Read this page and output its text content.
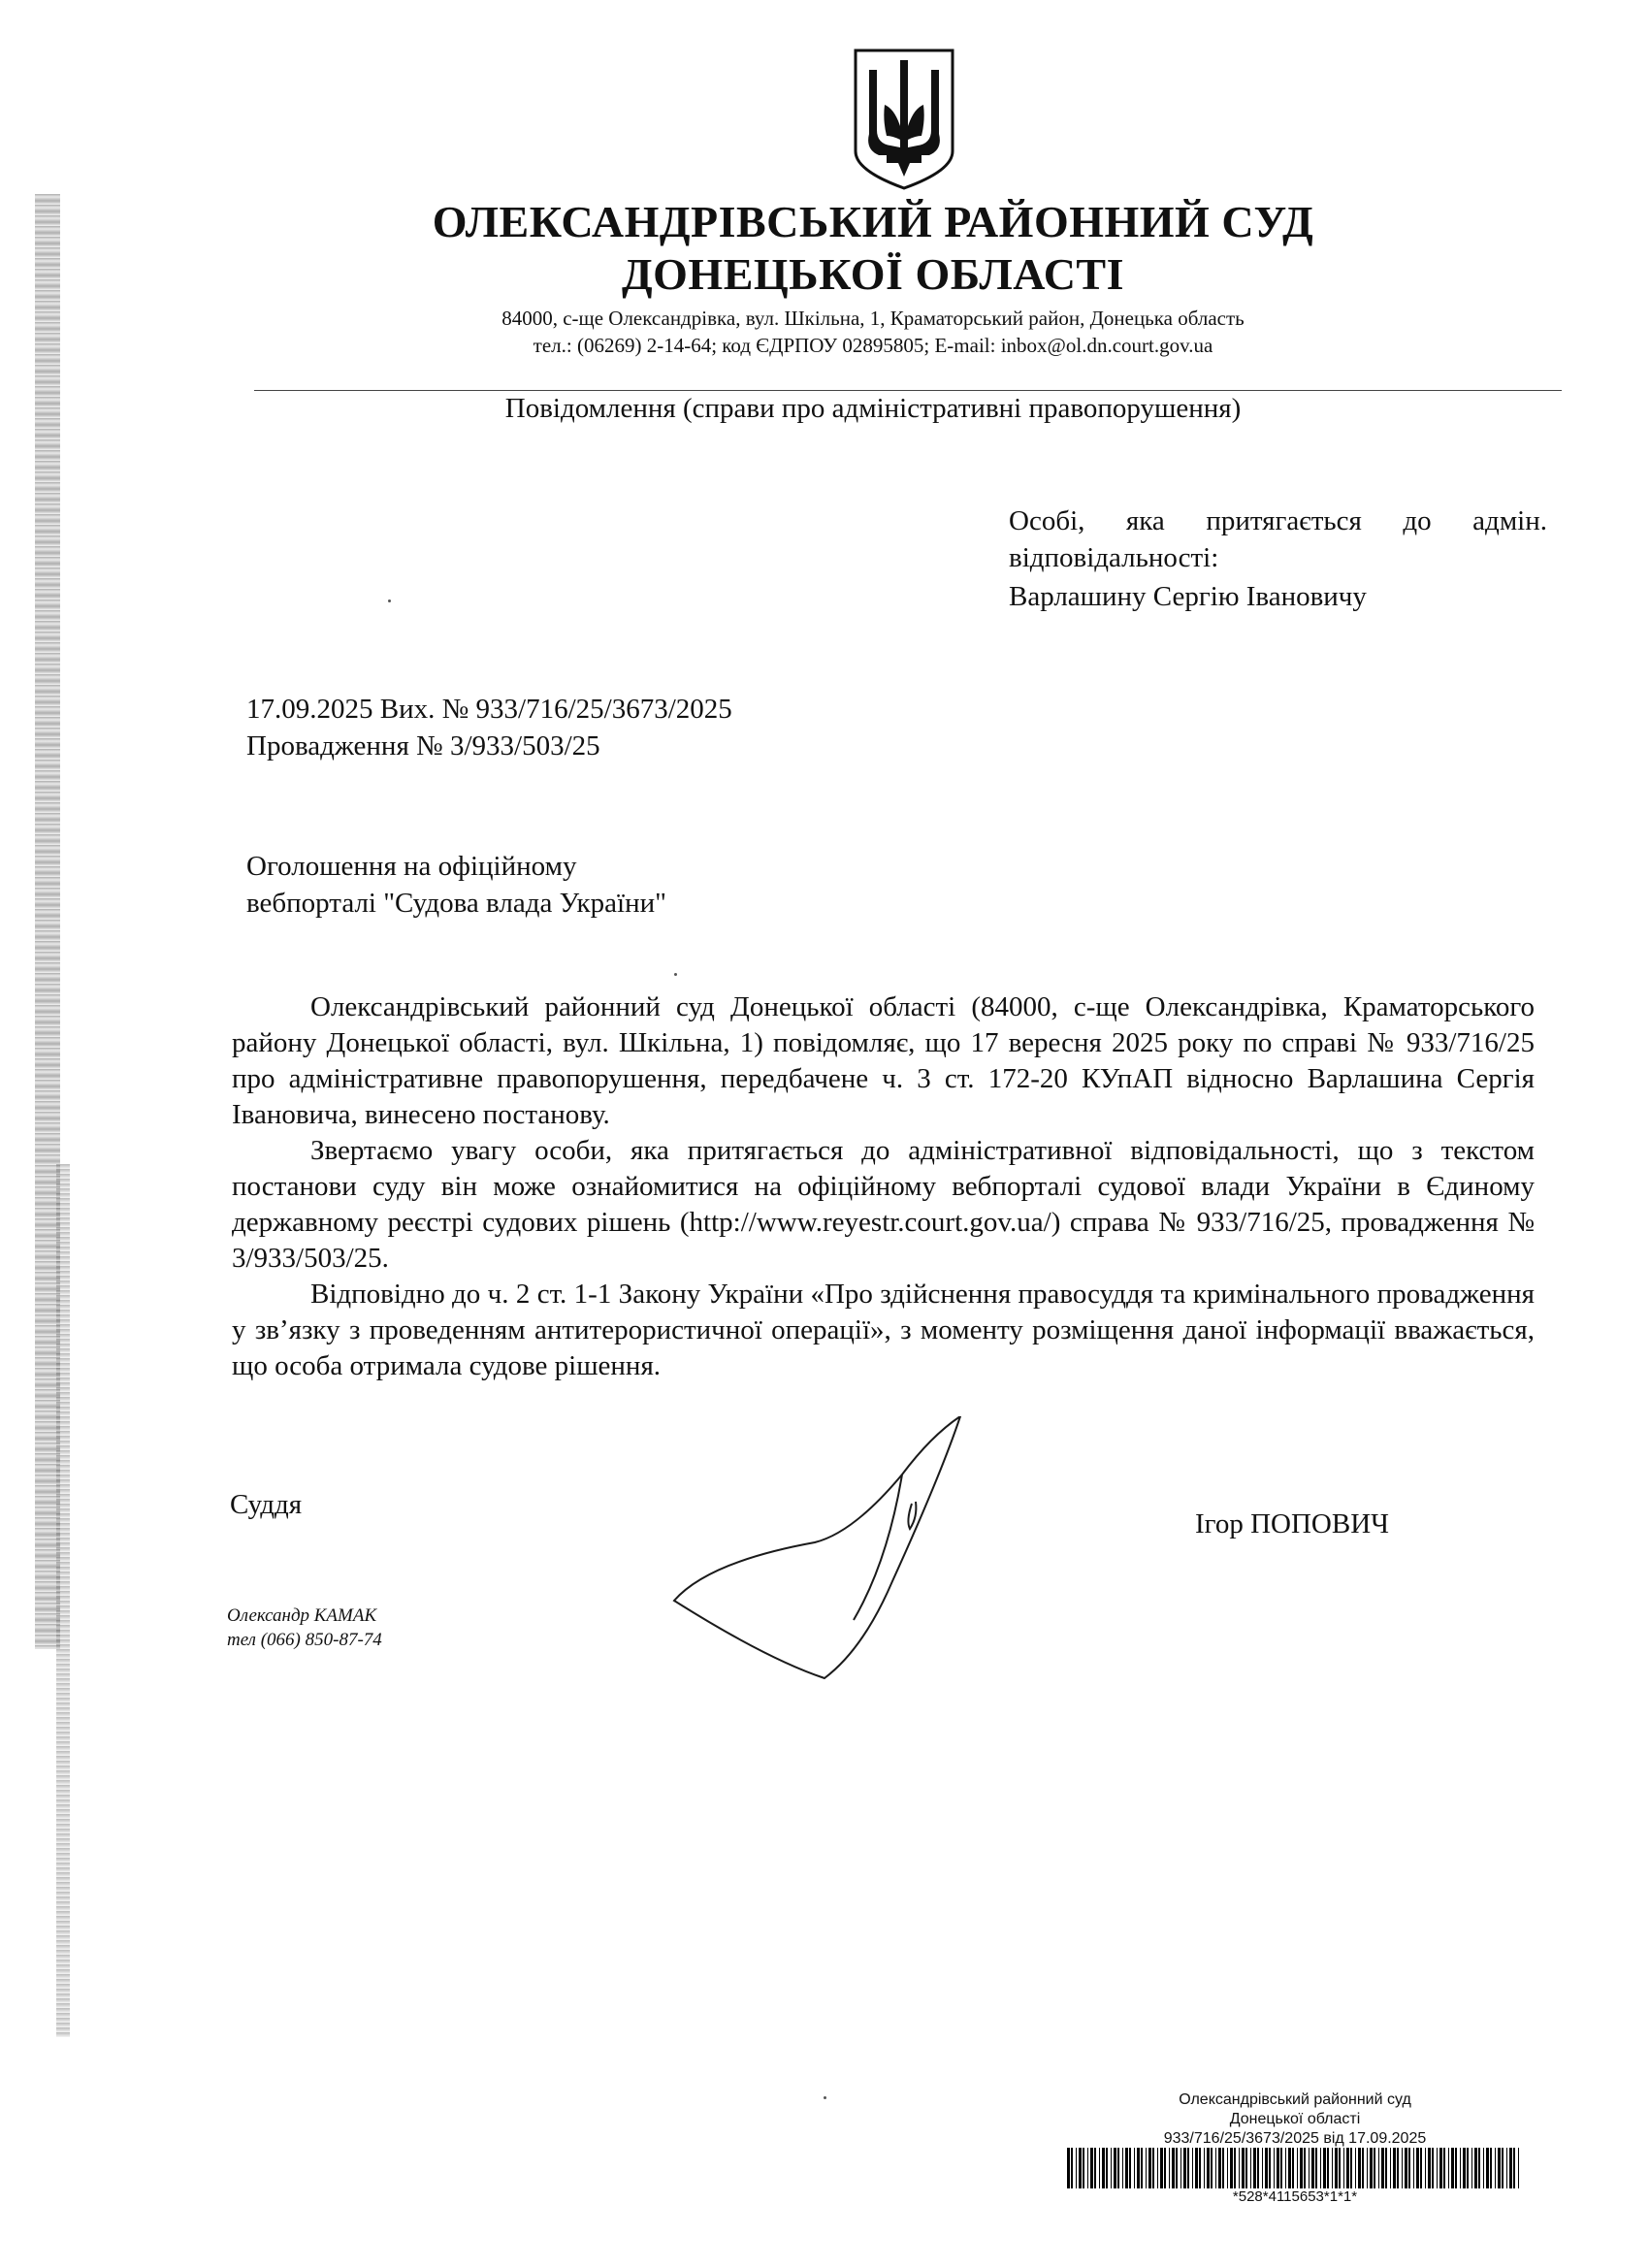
ОЛЕКСАНДРІВСЬКИЙ РАЙОННИЙ СУД
ДОНЕЦЬКОЇ ОБЛАСТІ
84000, с-ще Олександрівка, вул. Шкільна, 1, Краматорський район, Донецька область
тел.: (06269) 2-14-64; код ЄДРПОУ 02895805; E-mail: inbox@ol.dn.court.gov.ua
Повідомлення (справи про адміністративні правопорушення)
Особі, яка притягається до адмін.
відповідальності:
Варлашину Сергію Івановичу
17.09.2025 Вих. № 933/716/25/3673/2025
Провадження № 3/933/503/25
Оголошення на офіційному
вебпорталі "Судова влада України"

Олександрівський районний суд Донецької області (84000, с-ще Олександрівка, Краматорського району Донецької області, вул. Шкільна, 1) повідомляє, що 17 вересня 2025 року по справі № 933/716/25 про адміністративне правопорушення, передбачене ч. 3 ст. 172-20 КУпАП відносно Варлашина Сергія Івановича, винесено постанову.

Звертаємо увагу особи, яка притягається до адміністративної відповідальності, що з текстом постанови суду він може ознайомитися на офіційному вебпорталі судової влади України в Єдиному державному реєстрі судових рішень (http://www.reyestr.court.gov.ua/) справа № 933/716/25, провадження № 3/933/503/25.

Відповідно до ч. 2 ст. 1-1 Закону України «Про здійснення правосуддя та кримінального провадження у зв’язку з проведенням антитерористичної операції», з моменту розміщення даної інформації вважається, що особа отримала судове рішення.

Суддя
Ігор ПОПОВИЧ
Олександр КАМАК
тел (066) 850-87-74
Олександрівський районний суд
Донецької області
933/716/25/3673/2025 від 17.09.2025
*528*4115653*1*1*
